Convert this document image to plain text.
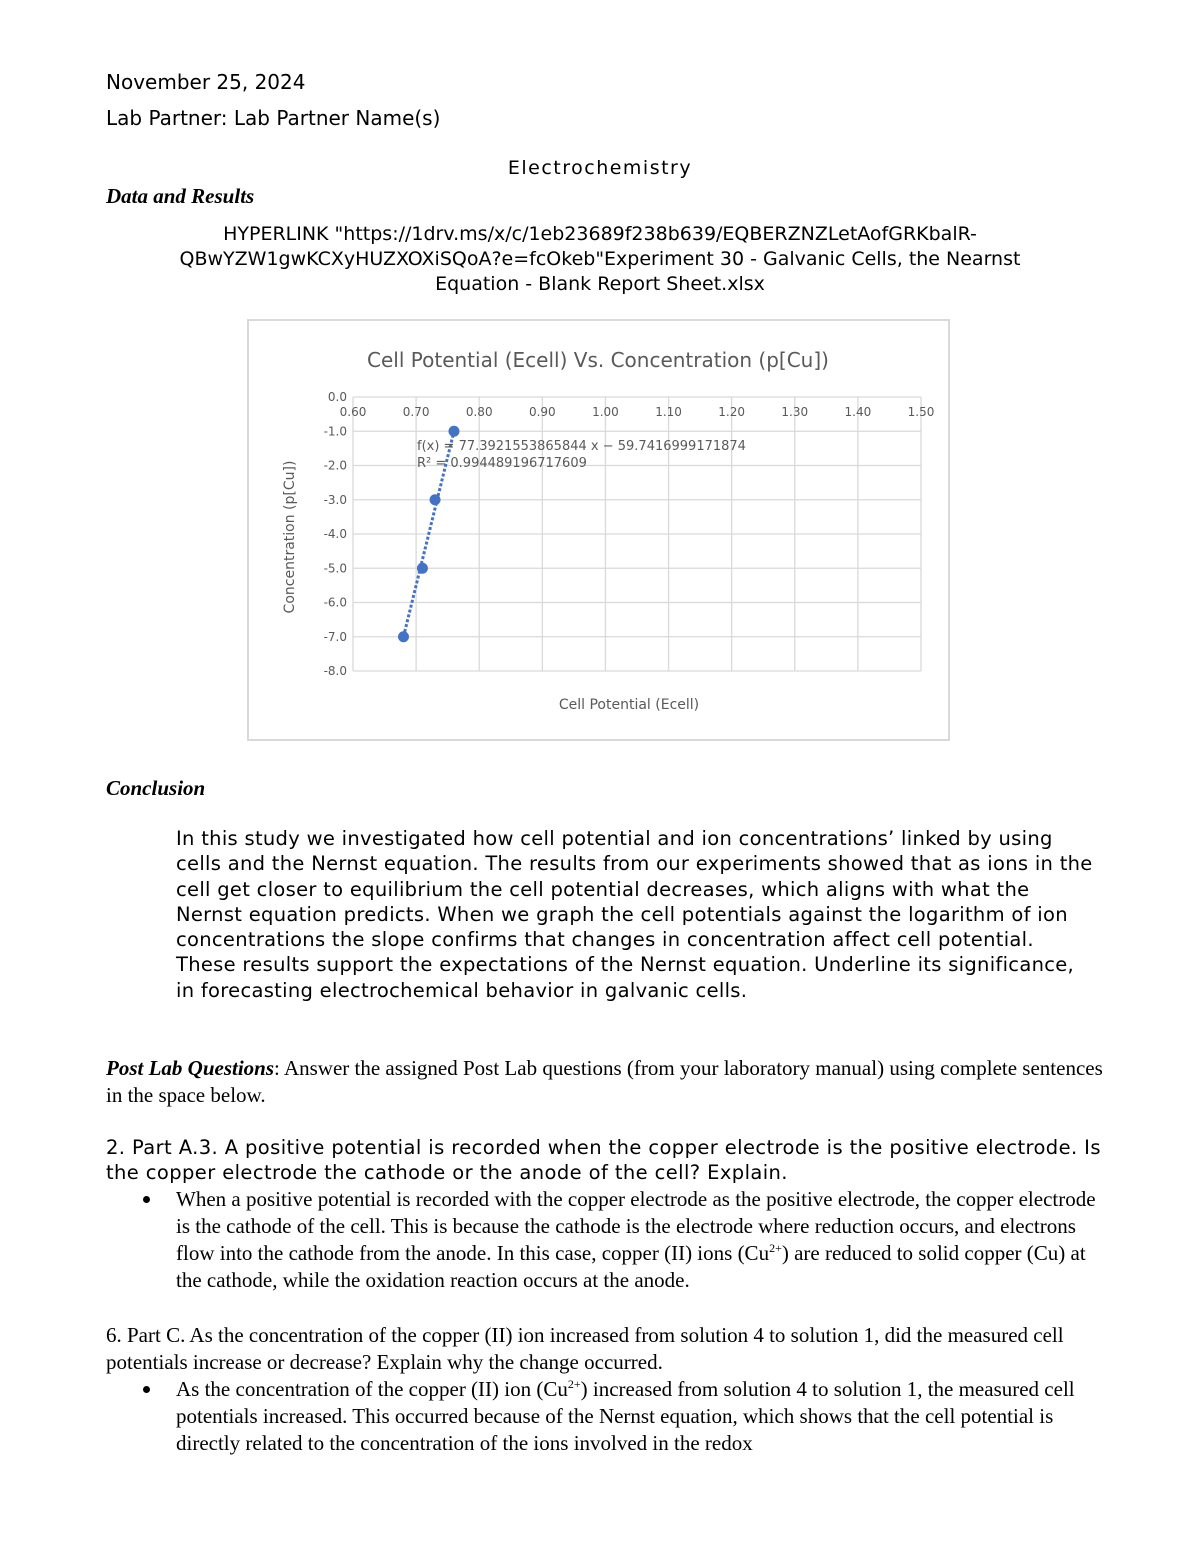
November 25, 2024
Lab Partner: Lab Partner Name(s)
Electrochemistry
Data and Results
HYPERLINK "https://1drv.ms/x/c/1eb23689f238b639/EQBERZNZLetAofGRKbalR-
QBwYZW1gwKCXyHUZXOXiSQoA?e=fcOkeb"Experiment 30 - Galvanic Cells, the Nearnst
Equation - Blank Report Sheet.xlsx
Cell Potential (Ecell) Vs. Concentration (p[Cu])
0.60	0.70	0.80	0.90	1.00	1.10	1.20	1.30	1.40	1.50
0.0
-1.0
-2.0
-3.0
-4.0
-5.0
-6.0
-7.0
-8.0
f(x) = 77.3921553865844 x − 59.7416999171874
R² = 0.994489196717609
Cell Potential (Ecell)
Concentration (p[Cu])
Conclusion
In this study we investigated how cell potential and ion concentrations’ linked by using cells and the Nernst equation. The results from our experiments showed that as ions in the cell get closer to equilibrium the cell potential decreases, which aligns with what the Nernst equation predicts. When we graph the cell potentials against the logarithm of ion concentrations the slope confirms that changes in concentration affect cell potential. These results support the expectations of the Nernst equation. Underline its significance, in forecasting electrochemical behavior in galvanic cells.
Post Lab Questions: Answer the assigned Post Lab questions (from your laboratory manual) using complete sentences in the space below.
2. Part A.3. A positive potential is recorded when the copper electrode is the positive electrode. Is the copper electrode the cathode or the anode of the cell? Explain.
When a positive potential is recorded with the copper electrode as the positive electrode, the copper electrode is the cathode of the cell. This is because the cathode is the electrode where reduction occurs, and electrons flow into the cathode from the anode. In this case, copper (II) ions $(Cu^{2+})$ are reduced to solid copper (Cu) at the cathode, while the oxidation reaction occurs at the anode.
6. Part C. As the concentration of the copper (II) ion increased from solution 4 to solution 1, did the measured cell potentials increase or decrease? Explain why the change occurred.
As the concentration of the copper (II) ion $(Cu^{2+})$ increased from solution 4 to solution 1, the measured cell potentials increased. This occurred because of the Nernst equation, which shows that the cell potential is directly related to the concentration of the ions involved in the redox
